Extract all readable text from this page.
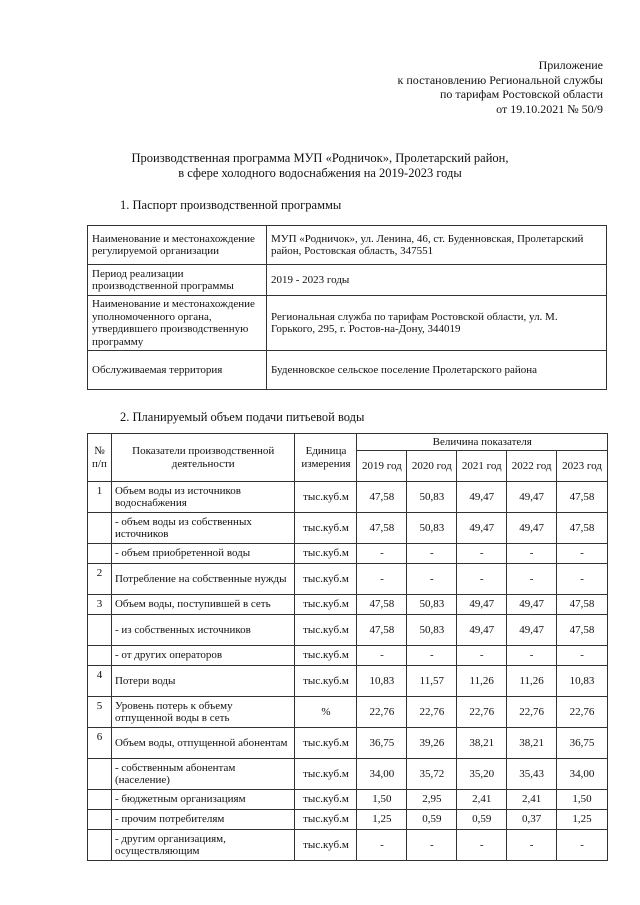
Приложение
к постановлению Региональной службы
по тарифам Ростовской области
от 19.10.2021 № 50/9
Производственная программа МУП «Родничок», Пролетарский район,
в сфере холодного водоснабжения на 2019-2023 годы
1. Паспорт производственной программы
Наименование и местонахождение регулируемой организации	МУП «Родничок», ул. Ленина, 46, ст. Буденновская, Пролетарский район, Ростовская область, 347551
Период реализации производственной программы	2019 - 2023 годы
Наименование и местонахождение уполномоченного органа, утвердившего производственную программу	Региональная служба по тарифам Ростовской области, ул. М. Горького, 295, г. Ростов-на-Дону, 344019
Обслуживаемая территория	Буденновское сельское поселение Пролетарского района
2. Планируемый объем подачи питьевой воды
№ п/п	Показатели производственной деятельности	Единица измерения	Величина показателя				
			2019 год	2020 год	2021 год	2022 год	2023 год
1	Объем воды из источников водоснабжения	тыс.куб.м	47,58	50,83	49,47	49,47	47,58
	- объем воды из собственных источников	тыс.куб.м	47,58	50,83	49,47	49,47	47,58
	- объем приобретенной воды	тыс.куб.м	-	-	-	-	-
2	Потребление на собственные нужды	тыс.куб.м	-	-	-	-	-
3	Объем воды, поступившей в сеть	тыс.куб.м	47,58	50,83	49,47	49,47	47,58
	- из собственных источников	тыс.куб.м	47,58	50,83	49,47	49,47	47,58
	- от других операторов	тыс.куб.м	-	-	-	-	-
4	Потери воды	тыс.куб.м	10,83	11,57	11,26	11,26	10,83
5	Уровень потерь к объему отпущенной воды в сеть	%	22,76	22,76	22,76	22,76	22,76
6	Объем воды, отпущенной абонентам	тыс.куб.м	36,75	39,26	38,21	38,21	36,75
	- собственным абонентам (население)	тыс.куб.м	34,00	35,72	35,20	35,43	34,00
	- бюджетным организациям	тыс.куб.м	1,50	2,95	2,41	2,41	1,50
	- прочим потребителям	тыс.куб.м	1,25	0,59	0,59	0,37	1,25
	- другим организациям, осуществляющим	тыс.куб.м	-	-	-	-	-
